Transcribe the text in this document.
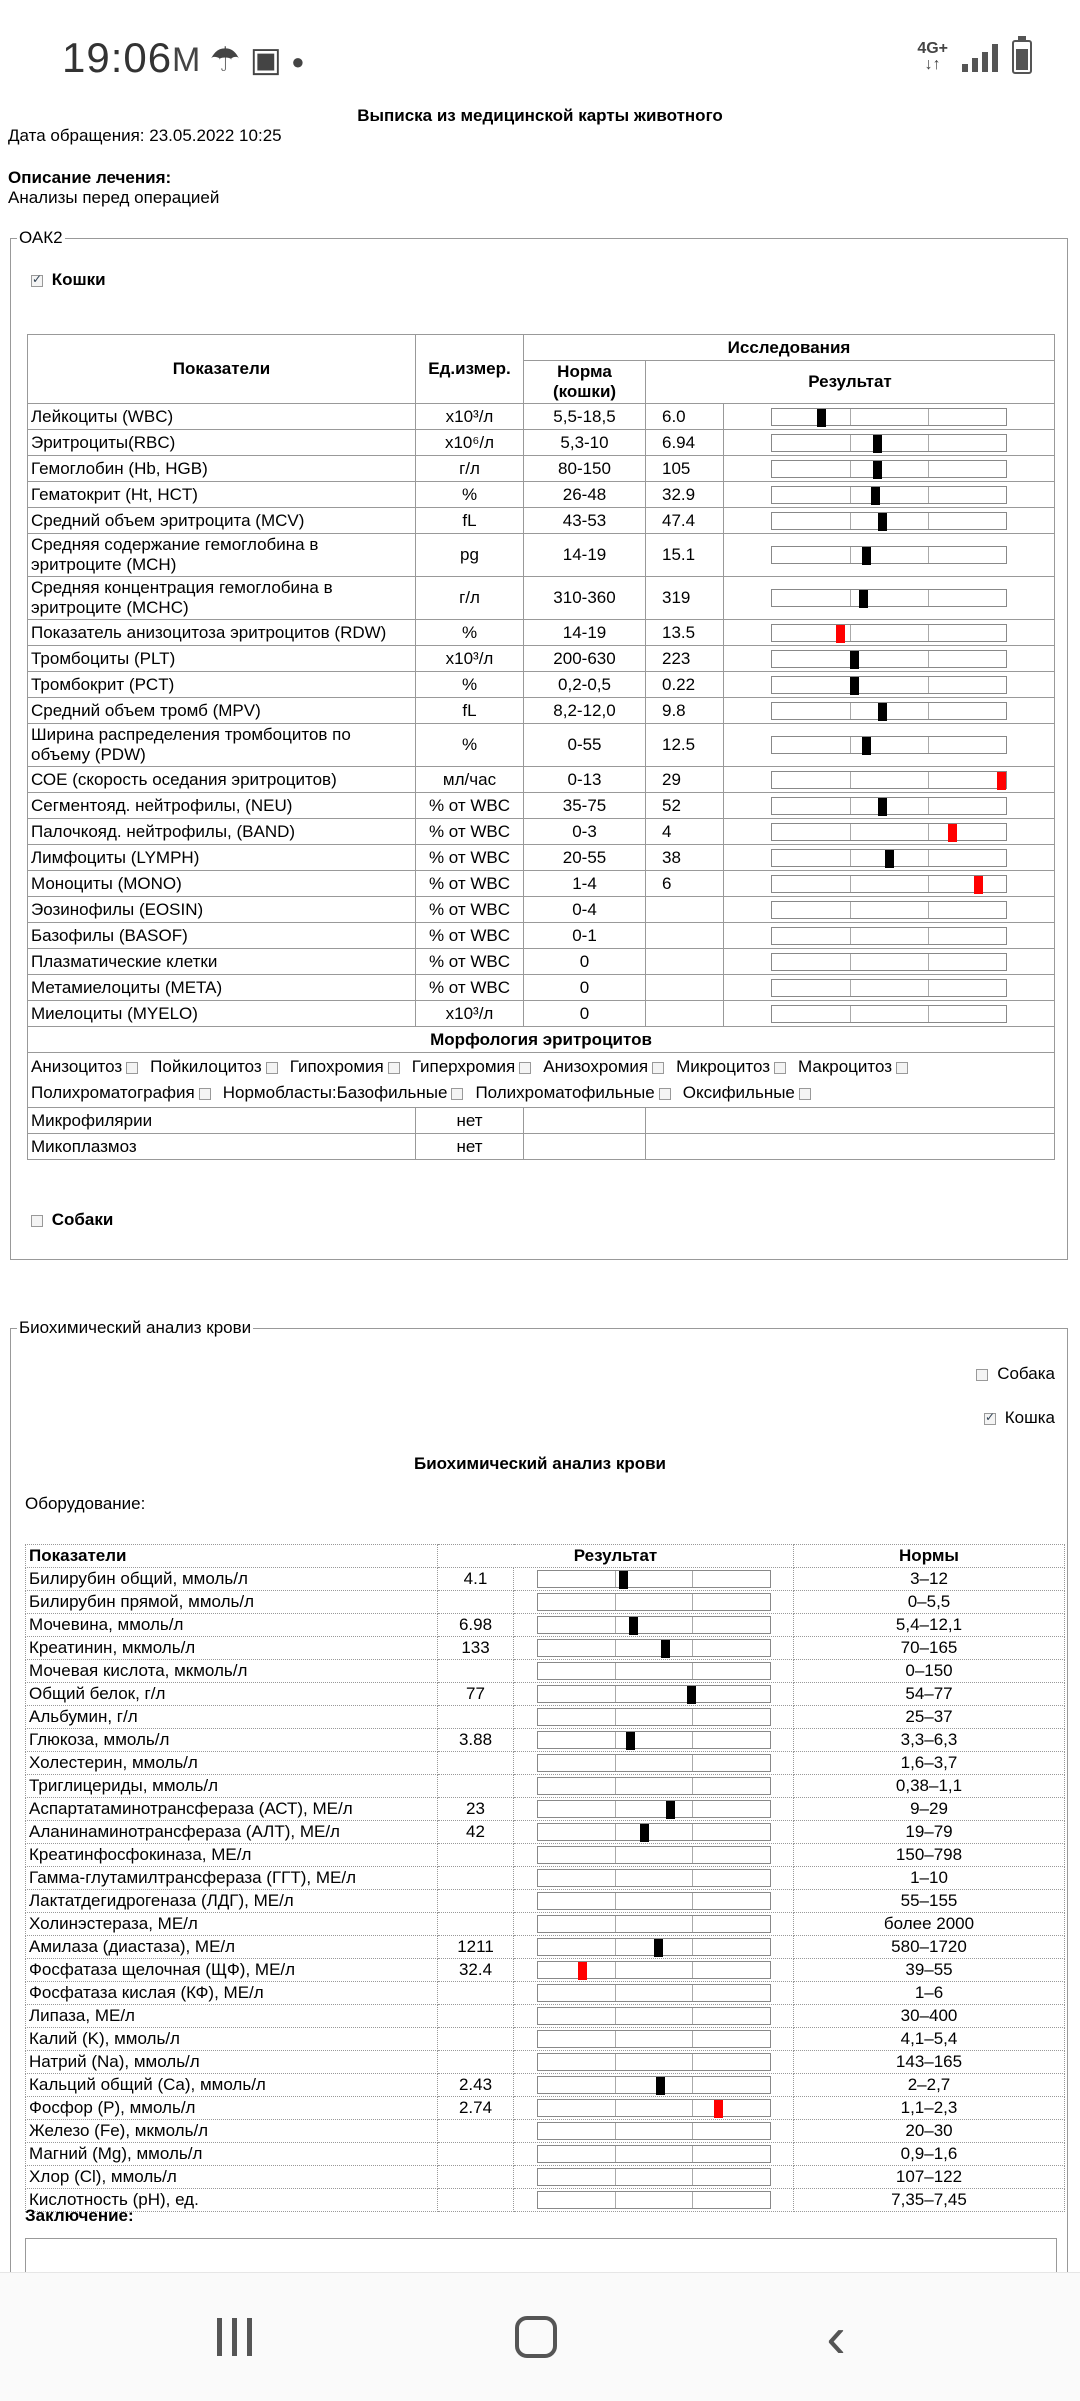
19:06 M ☂ ▣ ●
4G+
↓↑
Выписка из медицинской карты животного
Дата обращения: 23.05.2022 10:25
Описание лечения:
Анализы перед операцией
ОАК2
✓ Кошки
Показатели	Ед.измер.	Исследования		
		Норма (кошки)	Результат	
Лейкоциты (WBC)	x10³/л	5,5-18,5	6.0	

Эритроциты(RBC)	x10⁶/л	5,3-10	6.94	

Гемоглобин (Hb, HGB)	г/л	80-150	105	

Гематокрит (Ht, HCT)	%	26-48	32.9	

Средний объем эритроцита (MCV)	fL	43-53	47.4	

Средняя содержание гемоглобина в эритроците (MCH)	pg	14-19	15.1	

Средняя концентрация гемоглобина в эритроците (MCHC)	г/л	310-360	319	

Показатель анизоцитоза эритроцитов (RDW)	%	14-19	13.5	

Тромбоциты (PLT)	x10³/л	200-630	223	

Тромбокрит (PCT)	%	0,2-0,5	0.22	

Средний объем тромб (MPV)	fL	8,2-12,0	9.8	

Ширина распределения тромбоцитов по объему (PDW)	%	0-55	12.5	

СОЕ (скорость оседания эритроцитов)	мл/час	0-13	29	

Сегментояд. нейтрофилы, (NEU)	% от WBC	35-75	52	

Палочкояд. нейтрофилы, (BAND)	% от WBC	0-3	4	

Лимфоциты (LYMPH)	% от WBC	20-55	38	

Моноциты (MONO)	% от WBC	1-4	6	

Эозинофилы (EOSIN)	% от WBC	0-4		

Базофилы (BASOF)	% от WBC	0-1		

Плазматические клетки	% от WBC	0		

Метамиелоциты (META)	% от WBC	0		

Миелоциты (MYELO)	x10³/л	0		

Морфология эритроцитов				
Анизоцитоз Пойкилоцитоз Гипохромия Гиперхромия Анизохромия Микроцитоз Макроцитоз
Полихроматография Нормобласты:Базофильные Полихроматофильные Оксифильные				
Микрофилярии	нет			
Микоплазмоз	нет			
Собаки
Биохимический анализ крови
Собака
✓ Кошка
Биохимический анализ крови
Оборудование:
Показатели	Результат		Нормы
Билирубин общий, ммоль/л	4.1		3–12
Билирубин прямой, ммоль/л			0–5,5
Мочевина, ммоль/л	6.98		5,4–12,1
Креатинин, мкмоль/л	133		70–165
Мочевая кислота, мкмоль/л			0–150
Общий белок, г/л	77		54–77
Альбумин, г/л			25–37
Глюкоза, ммоль/л	3.88		3,3–6,3
Холестерин, ммоль/л			1,6–3,7
Триглицериды, ммоль/л			0,38–1,1
Аспартатаминотрансфераза (АСТ), МЕ/л	23		9–29
Аланинаминотрансфераза (АЛТ), МЕ/л	42		19–79
Креатинфосфокиназа, МЕ/л			150–798
Гамма-глутамилтрансфераза (ГГТ), МЕ/л			1–10
Лактатдегидрогеназа (ЛДГ), МЕ/л			55–155
Холинэстераза, МЕ/л			более 2000
Амилаза (диастаза), МЕ/л	1211		580–1720
Фосфатаза щелочная (ЩФ), МЕ/л	32.4		39–55
Фосфатаза кислая (КФ), МЕ/л			1–6
Липаза, МЕ/л			30–400
Калий (K), ммоль/л			4,1–5,4
Натрий (Na), ммоль/л			143–165
Кальций общий (Ca), ммоль/л	2.43		2–2,7
Фосфор (P), ммоль/л	2.74		1,1–2,3
Железо (Fe), мкмоль/л			20–30
Магний (Mg), ммоль/л			0,9–1,6
Хлор (Cl), ммоль/л			107–122
Кислотность (pH), ед.			7,35–7,45
Заключение:
‹
